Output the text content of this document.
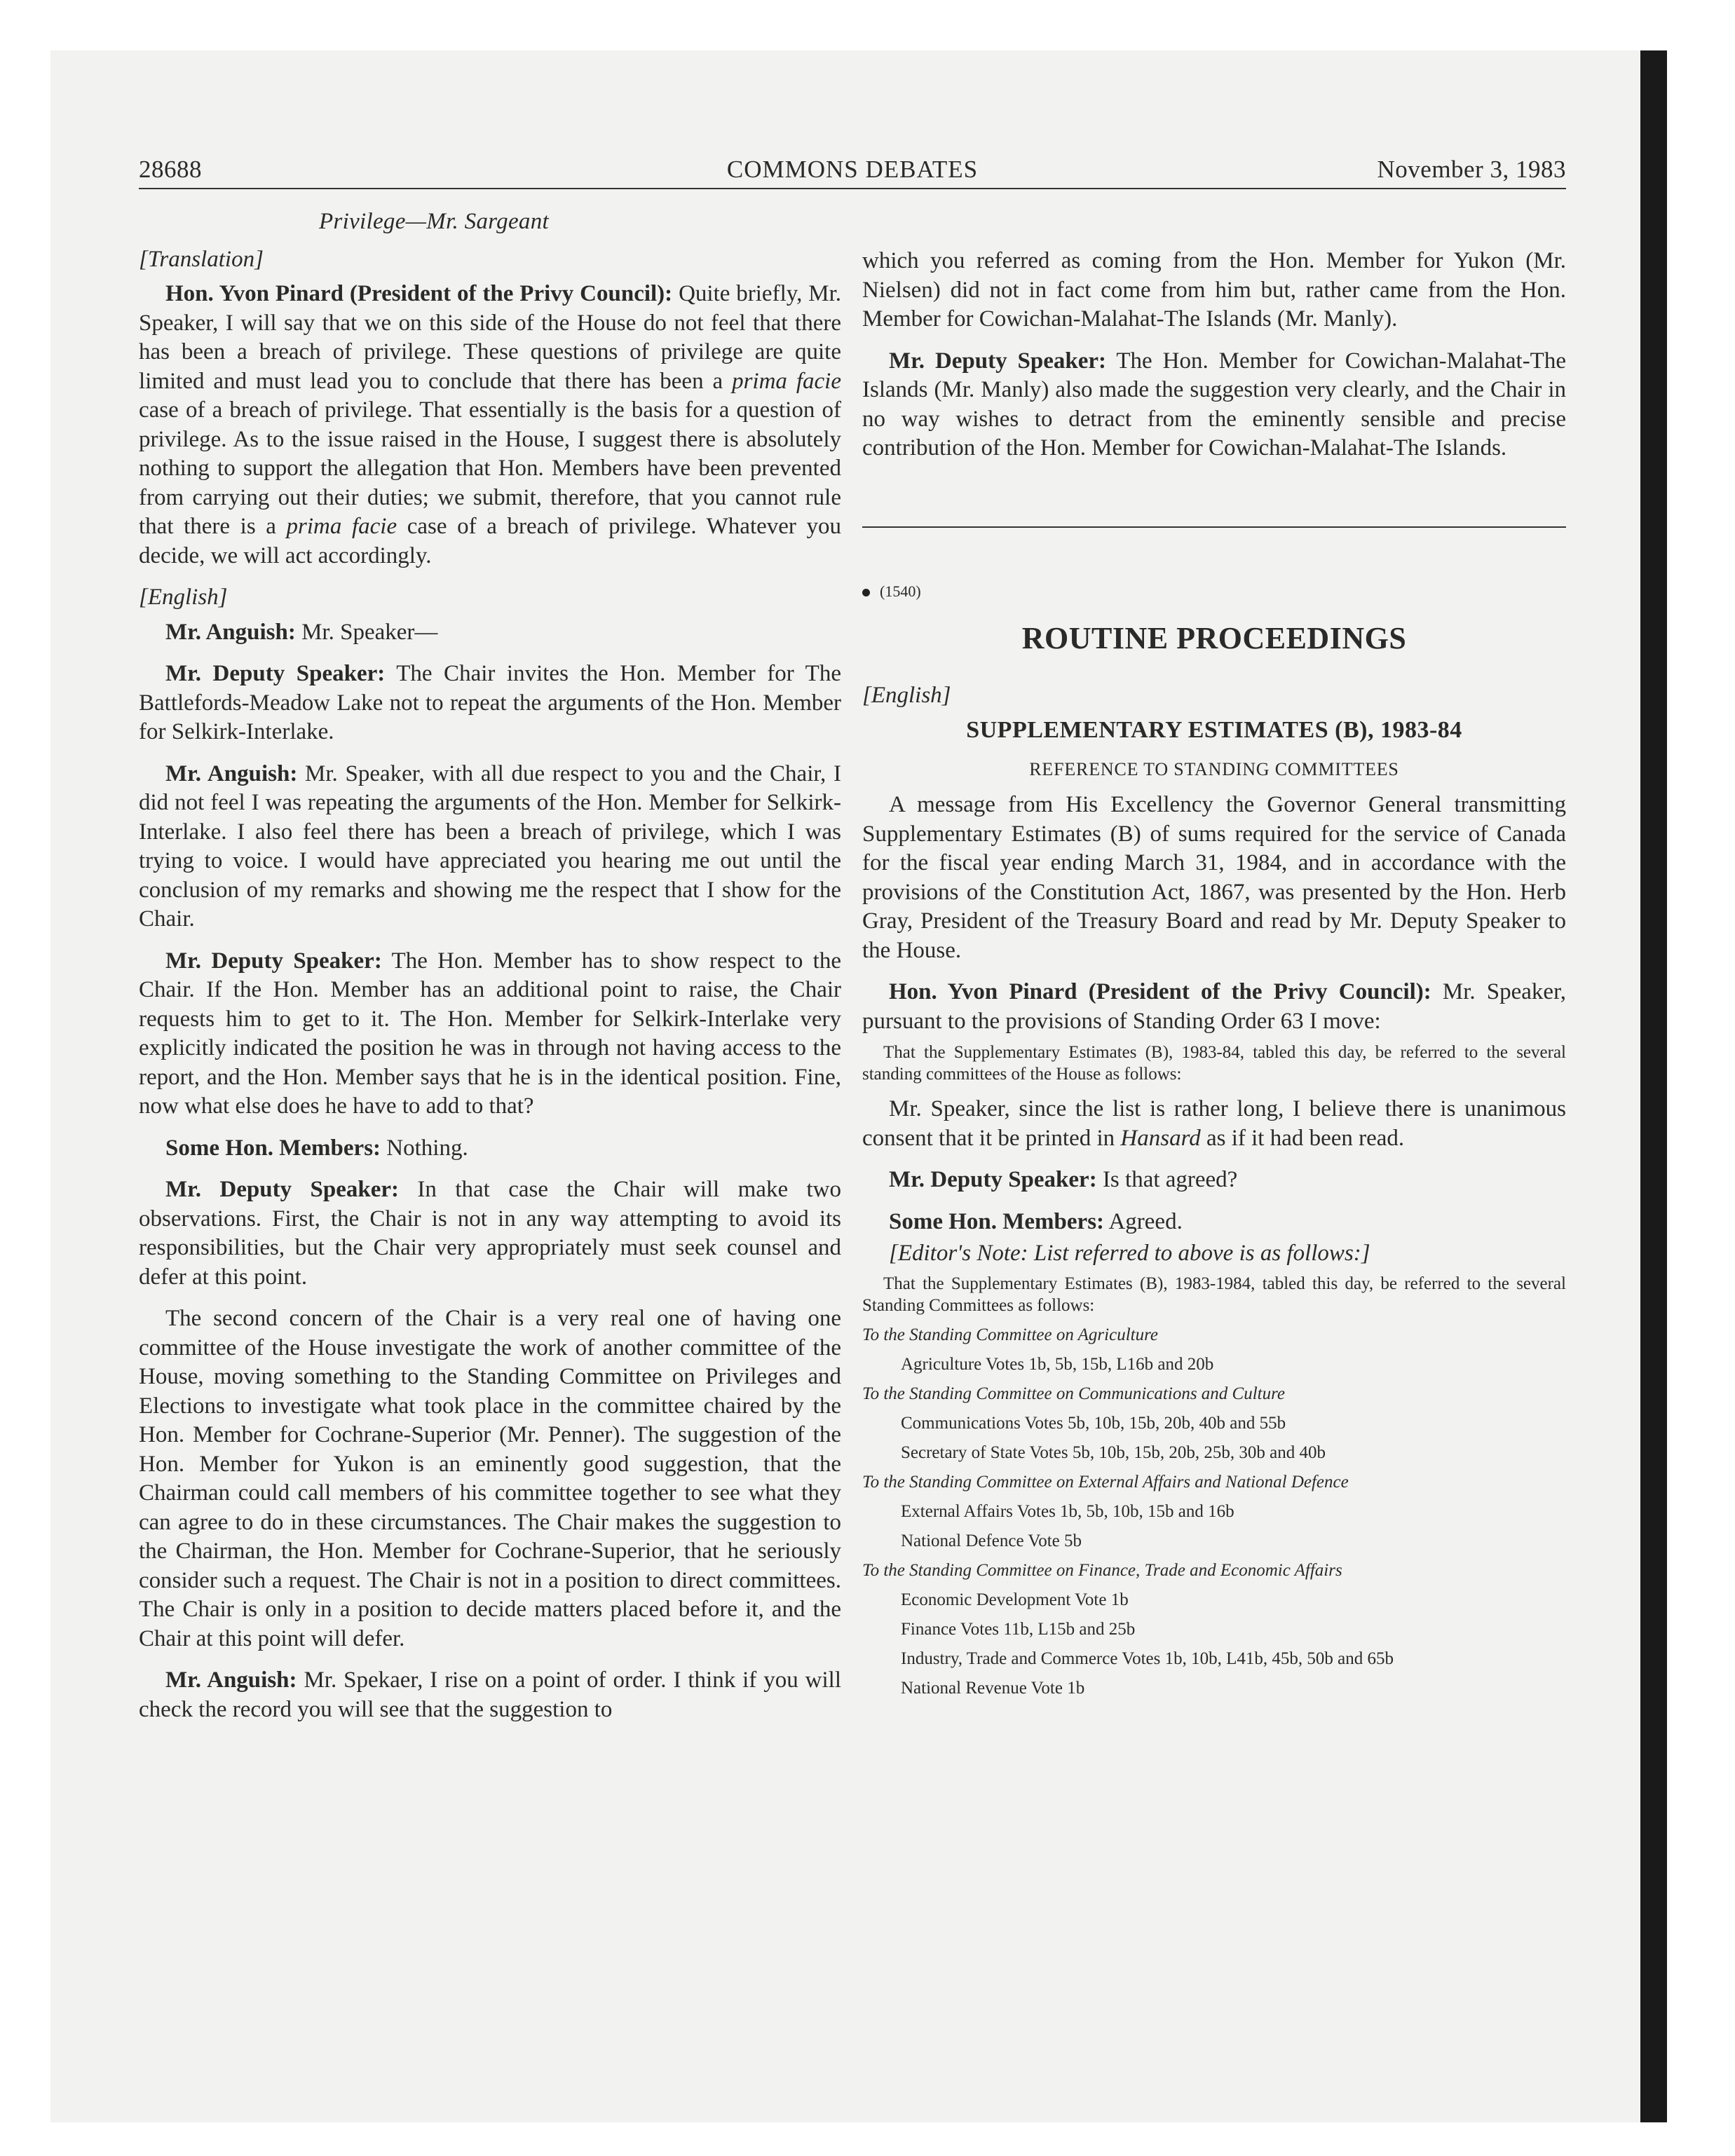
28688	COMMONS DEBATES	November 3, 1983
Privilege—Mr. Sargeant
[Translation]

Hon. Yvon Pinard (President of the Privy Council): Quite briefly, Mr. Speaker, I will say that we on this side of the House do not feel that there has been a breach of privilege. These questions of privilege are quite limited and must lead you to conclude that there has been a prima facie case of a breach of privilege. That essentially is the basis for a question of privilege. As to the issue raised in the House, I suggest there is absolutely nothing to support the allegation that Hon. Members have been prevented from carrying out their duties; we submit, therefore, that you cannot rule that there is a prima facie case of a breach of privilege. Whatever you decide, we will act accordingly.

[English]

Mr. Anguish: Mr. Speaker—

Mr. Deputy Speaker: The Chair invites the Hon. Member for The Battlefords-Meadow Lake not to repeat the arguments of the Hon. Member for Selkirk-Interlake.

Mr. Anguish: Mr. Speaker, with all due respect to you and the Chair, I did not feel I was repeating the arguments of the Hon. Member for Selkirk-Interlake. I also feel there has been a breach of privilege, which I was trying to voice. I would have appreciated you hearing me out until the conclusion of my remarks and showing me the respect that I show for the Chair.

Mr. Deputy Speaker: The Hon. Member has to show respect to the Chair. If the Hon. Member has an additional point to raise, the Chair requests him to get to it. The Hon. Member for Selkirk-Interlake very explicitly indicated the position he was in through not having access to the report, and the Hon. Member says that he is in the identical position. Fine, now what else does he have to add to that?

Some Hon. Members: Nothing.

Mr. Deputy Speaker: In that case the Chair will make two observations. First, the Chair is not in any way attempting to avoid its responsibilities, but the Chair very appropriately must seek counsel and defer at this point.

The second concern of the Chair is a very real one of having one committee of the House investigate the work of another committee of the House, moving something to the Standing Committee on Privileges and Elections to investigate what took place in the committee chaired by the Hon. Member for Cochrane-Superior (Mr. Penner). The suggestion of the Hon. Member for Yukon is an eminently good suggestion, that the Chairman could call members of his committee together to see what they can agree to do in these circumstances. The Chair makes the suggestion to the Chairman, the Hon. Member for Cochrane-Superior, that he seriously consider such a request. The Chair is not in a position to direct committees. The Chair is only in a position to decide matters placed before it, and the Chair at this point will defer.

Mr. Anguish: Mr. Spekaer, I rise on a point of order. I think if you will check the record you will see that the suggestion to

which you referred as coming from the Hon. Member for Yukon (Mr. Nielsen) did not in fact come from him but, rather came from the Hon. Member for Cowichan-Malahat-The Islands (Mr. Manly).

Mr. Deputy Speaker: The Hon. Member for Cowichan-Malahat-The Islands (Mr. Manly) also made the suggestion very clearly, and the Chair in no way wishes to detract from the eminently sensible and precise contribution of the Hon. Member for Cowichan-Malahat-The Islands.

(1540)
ROUTINE PROCEEDINGS
[English]
SUPPLEMENTARY ESTIMATES (B), 1983-84
REFERENCE TO STANDING COMMITTEES

A message from His Excellency the Governor General transmitting Supplementary Estimates (B) of sums required for the service of Canada for the fiscal year ending March 31, 1984, and in accordance with the provisions of the Constitution Act, 1867, was presented by the Hon. Herb Gray, President of the Treasury Board and read by Mr. Deputy Speaker to the House.

Hon. Yvon Pinard (President of the Privy Council): Mr. Speaker, pursuant to the provisions of Standing Order 63 I move:

That the Supplementary Estimates (B), 1983-84, tabled this day, be referred to the several standing committees of the House as follows:

Mr. Speaker, since the list is rather long, I believe there is unanimous consent that it be printed in Hansard as if it had been read.

Mr. Deputy Speaker: Is that agreed?

Some Hon. Members: Agreed.

[Editor's Note: List referred to above is as follows:]

That the Supplementary Estimates (B), 1983-1984, tabled this day, be referred to the several Standing Committees as follows:

To the Standing Committee on Agriculture
Agriculture Votes 1b, 5b, 15b, L16b and 20b
To the Standing Committee on Communications and Culture
Communications Votes 5b, 10b, 15b, 20b, 40b and 55b
Secretary of State Votes 5b, 10b, 15b, 20b, 25b, 30b and 40b
To the Standing Committee on External Affairs and National Defence
External Affairs Votes 1b, 5b, 10b, 15b and 16b
National Defence Vote 5b
To the Standing Committee on Finance, Trade and Economic Affairs
Economic Development Vote 1b
Finance Votes 11b, L15b and 25b
Industry, Trade and Commerce Votes 1b, 10b, L41b, 45b, 50b and 65b
National Revenue Vote 1b
